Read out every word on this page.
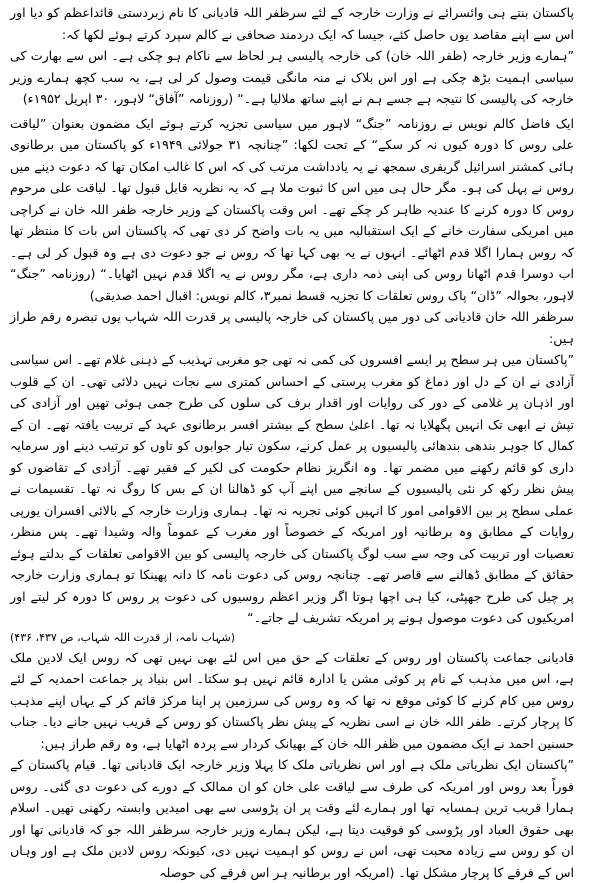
پاکستان بنتے ہی وائسرائے نے وزارت خارجہ کے لئے سرظفر اللہ قادیانی کا نام زبردستی قائداعظم کو دیا اور اس سے اپنے مقاصد یوں حاصل کئے، جیسا کہ ایک دردمند صحافی نے کالم سپرد کرتے ہوئے لکھا کہ:

”ہمارے وزیر خارجہ (ظفر اللہ خان) کی خارجہ پالیسی ہر لحاظ سے ناکام ہو چکی ہے۔ اس سے بھارت کی سیاسی اہمیت بڑھ چکی ہے اور اس بلاک نے منہ مانگی قیمت وصول کر لی ہے، یہ سب کچھ ہمارے وزیر خارجہ کی پالیسی کا نتیجہ ہے جسے ہم نے اپنے ساتھ ملالیا ہے۔“ (روزنامہ ”آفاق“ لاہور، ۳۰ اپریل ۱۹۵۲ء)

ایک فاضل کالم نویس نے روزنامہ ”جنگ“ لاہور میں سیاسی تجزیہ کرتے ہوئے ایک مضمون بعنوان ”لیاقت علی روس کا دورہ کیوں نہ کر سکے“ کے تحت لکھا: ”چنانچہ ۳۱ جولائی ۱۹۴۹ء کو پاکستان میں برطانوی ہائی کمشنر اسرائیل گریفری سمجھ نے یہ یادداشت مرتب کی کہ اس کا غالب امکان تھا کہ دعوت دینے میں روس نے پہل کی ہو۔ مگر حال ہی میں اس کا ثبوت ملا ہے کہ یہ نظریہ قابل قبول تھا۔ لیاقت علی مرحوم روس کا دورہ کرنے کا عندیہ ظاہر کر چکے تھے۔ اس وقت پاکستان کے وزیر خارجہ ظفر اللہ خان نے کراچی میں امریکی سفارت خانے کے ایک استقبالیہ میں یہ بات واضح کر دی تھی کہ پاکستان اس بات کا منتظر تھا کہ روس ہمارا اگلا قدم اٹھائے۔ انہوں نے یہ بھی کہا تھا کہ روس نے جو دعوت دی ہے وہ قبول کر لی ہے۔ اب دوسرا قدم اٹھانا روس کی اپنی ذمہ داری ہے، مگر روس نے یہ اگلا قدم نہیں اٹھایا۔“ (روزنامہ ”جنگ“ لاہور، بحوالہ ”ڈان“ پاک روس تعلقات کا تجزیہ قسط نمبر۳، کالم نویس: اقبال احمد صدیقی)

سرظفر اللہ خان قادیانی کی دور میں پاکستان کی خارجہ پالیسی پر قدرت اللہ شہاب یوں تبصرہ رقم طراز ہیں:

”پاکستان میں ہر سطح پر ایسے افسروں کی کمی نہ تھی جو مغربی تہذیب کے ذہنی غلام تھے۔ اس سیاسی آزادی نے ان کے دل اور دماغ کو مغرب پرستی کے احساس کمتری سے نجات نہیں دلائی تھی۔ ان کے قلوب اور اذہان پر غلامی کے دور کی روایات اور اقدار برف کی سلوں کی طرح جمی ہوئی تھیں اور آزادی کی تپش نے ابھی تک انہیں پگھلایا نہ تھا۔ اعلیٰ سطح کے بیشتر افسر برطانوی عہد کے تربیت یافتہ تھے۔ ان کے کمال کا جوہر بندھی بندھائی پالیسیوں پر عمل کرنے، سکون تیار جوابوں کو تاوں کو ترتیب دینے اور سرمایہ داری کو قائم رکھنے میں مضمر تھا۔ وہ انگریز نظام حکومت کی لکیر کے فقیر تھے۔ آزادی کے تقاضوں کو پیش نظر رکھ کر نئی پالیسیوں کے سانچے میں اپنے آپ کو ڈھالنا ان کے بس کا روگ نہ تھا۔ تقسیمات نے عملی سطح پر بین الاقوامی امور کا انہیں کوئی تجربہ نہ تھا۔ ہماری وزارت خارجہ کے بالائی افسران یورپی روایات کے مطابق وہ برطانیہ اور امریکہ کے خصوصاً اور مغرب کے عموماً والہ وشیدا تھے۔ پس منظر، تعصبات اور تربیت کی وجہ سے سب لوگ پاکستان کی خارجہ پالیسی کو بین الاقوامی تعلقات کے بدلتے ہوئے حقائق کے مطابق ڈھالنے سے قاصر تھے۔ چنانچہ روس کی دعوت نامہ کا دانہ پھینکا تو ہماری وزارت خارجہ پر چیل کی طرح جھپٹی، کیا ہی اچھا ہوتا اگر وزیر اعظم روسیوں کی دعوت پر روس کا دورہ کر لیتے اور امریکیوں کی دعوت موصول ہونے پر امریکہ تشریف لے جاتے۔“

(شہاب نامہ، از قدرت اللہ شہاب، ص ۴۳۷، ۴۳۶)

قادیانی جماعت پاکستان اور روس کے تعلقات کے حق میں اس لئے بھی نہیں تھی کہ روس ایک لادین ملک ہے، اس میں مذہب کے نام پر کوئی مشن یا ادارہ قائم نہیں ہو سکتا۔ اس بنیاد پر جماعت احمدیہ کے لئے روس میں کام کرنے کا کوئی موقع نہ تھا کہ وہ روس کی سرزمین پر اپنا مرکز قائم کر کے یہاں اپنے مذہب کا پرچار کرتے۔ ظفر اللہ خان نے اسی نظریہ کے پیش نظر پاکستان کو روس کے قریب نہیں جانے دیا۔ جناب حسنین احمد نے ایک مضمون میں ظفر اللہ خان کے بھیانک کردار سے پردہ اٹھایا ہے، وہ رقم طراز ہیں:

”پاکستان ایک نظریاتی ملک ہے اور اس نظریاتی ملک کا پہلا وزیر خارجہ ایک قادیانی تھا۔ قیام پاکستان کے فوراً بعد روس اور امریکہ کی طرف سے لیاقت علی خان کو ان ممالک کے دورے کی دعوت دی گئی۔ روس ہمارا قریب ترین ہمسایہ تھا اور ہمارے لئے وقت پر ان پڑوسی سے بھی امیدیں وابستہ رکھنی تھیں۔ اسلام بھی حقوق العباد اور پڑوسی کو فوقیت دیتا ہے، لیکن ہمارے وزیر خارجہ سرظفر اللہ جو کہ قادیانی تھا اور ان کو روس سے زیادہ محبت تھی، اس نے روس کو اہمیت نہیں دی، کیونکہ روس لادین ملک ہے اور وہاں اس کے فرقے کا پرچار مشکل تھا۔ (امریکہ اور برطانیہ ہر اس فرقے کی حوصلہ
